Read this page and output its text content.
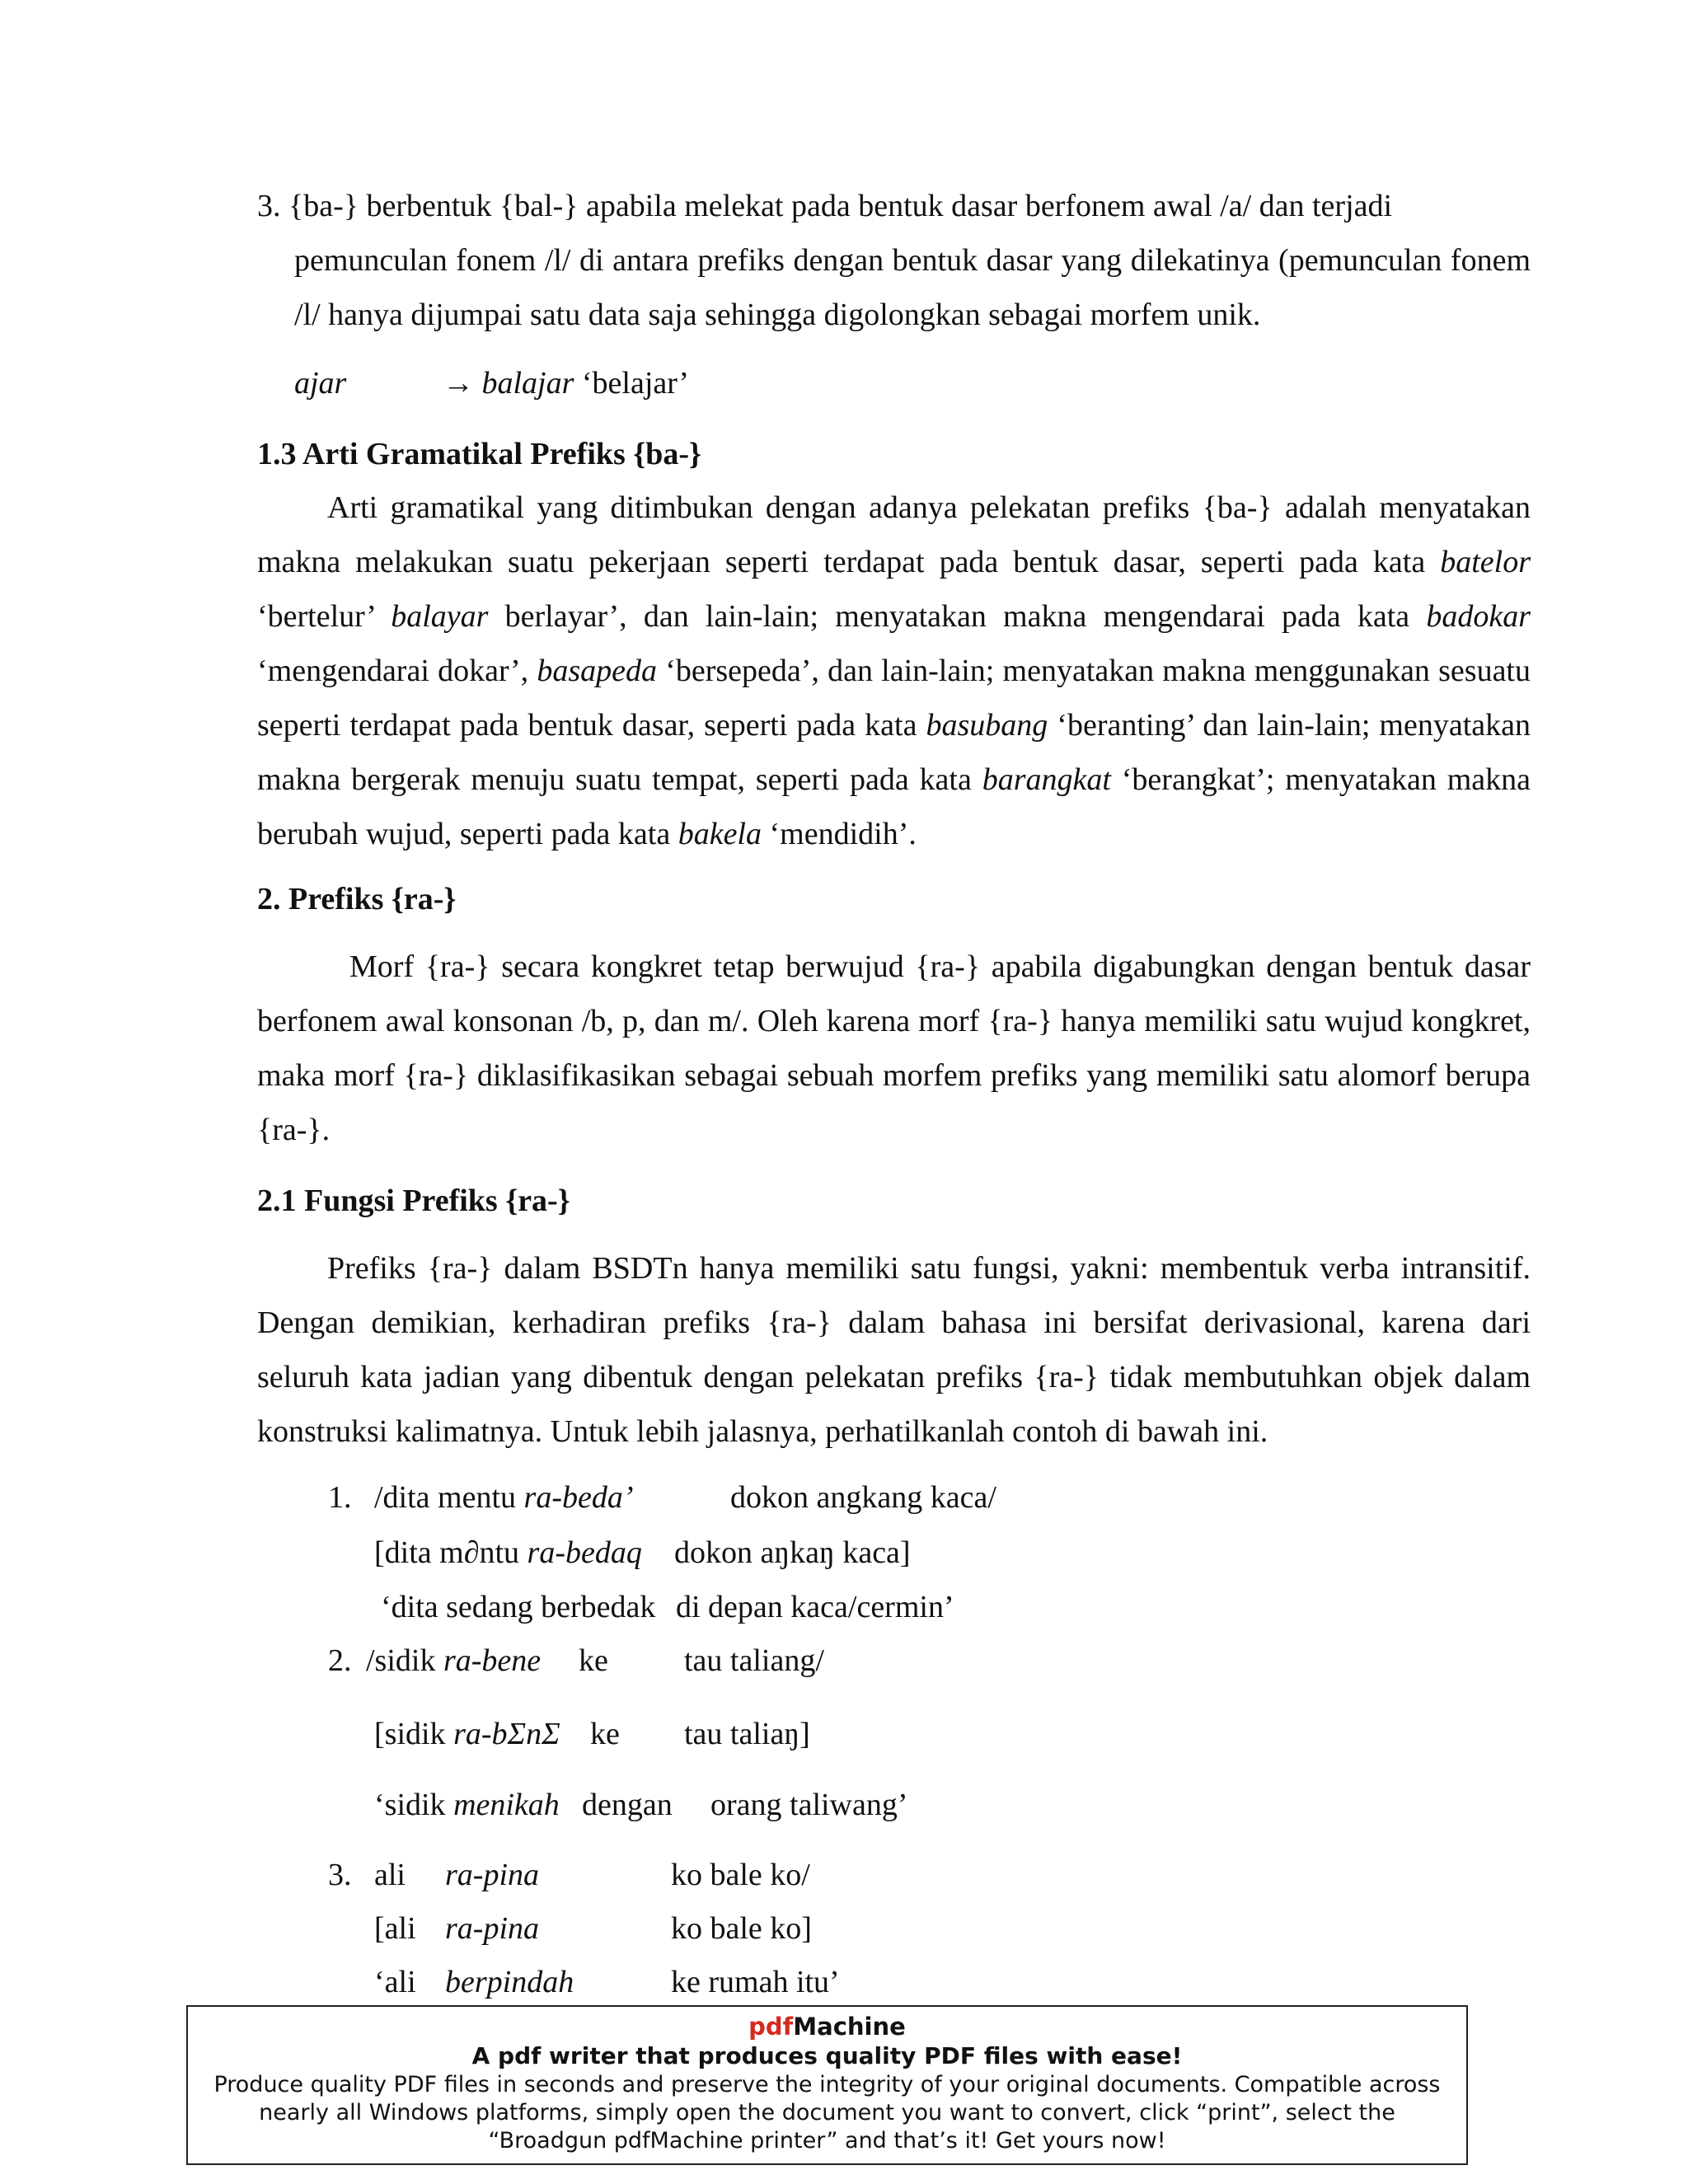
3. {ba-} berbentuk {bal-} apabila melekat pada bentuk dasar berfonem awal /a/ dan terjadi
pemunculan fonem /l/ di antara prefiks dengan bentuk dasar yang dilekatinya (pemunculan fonem /l/ hanya dijumpai satu data saja sehingga digolongkan sebagai morfem unik.
ajar	→ balajar ‘belajar’
1.3 Arti Gramatikal Prefiks {ba-}
Arti gramatikal yang ditimbukan dengan adanya pelekatan prefiks {ba-} adalah menyatakan makna melakukan suatu pekerjaan seperti terdapat pada bentuk dasar, seperti pada kata batelor ‘bertelur’ balayar berlayar’, dan lain-lain; menyatakan makna mengendarai pada kata badokar ‘mengendarai dokar’, basapeda ‘bersepeda’, dan lain-lain; menyatakan makna menggunakan sesuatu seperti terdapat pada bentuk dasar, seperti pada kata basubang ‘beranting’ dan lain-lain; menyatakan makna bergerak menuju suatu tempat, seperti pada kata barangkat ‘berangkat’; menyatakan makna berubah wujud, seperti pada kata bakela ‘mendidih’.
2. Prefiks {ra-}
Morf {ra-} secara kongkret tetap berwujud {ra-} apabila digabungkan dengan bentuk dasar berfonem awal konsonan /b, p, dan m/. Oleh karena morf {ra-} hanya memiliki satu wujud kongkret, maka morf {ra-} diklasifikasikan sebagai sebuah morfem prefiks yang memiliki satu alomorf berupa {ra-}.
2.1 Fungsi Prefiks {ra-}
Prefiks {ra-} dalam BSDTn hanya memiliki satu fungsi, yakni: membentuk verba intransitif. Dengan demikian, kerhadiran prefiks {ra-} dalam bahasa ini bersifat derivasional, karena dari seluruh kata jadian yang dibentuk dengan pelekatan prefiks {ra-} tidak membutuhkan objek dalam konstruksi kalimatnya. Untuk lebih jalasnya, perhatilkanlah contoh di bawah ini.
1. /dita mentu ra-beda’	dokon angkang kaca/
[dita m∂ntu ra-bedaq dokon aŋkaŋ kaca]
‘dita sedang berbedak di depan kaca/cermin’
2. /sidik ra-bene ke tau taliang/
[sidik ra-bΣnΣ ke tau taliaŋ]
‘sidik menikah dengan orang taliwang’
3. ali ra-pina	ko bale ko/
[ali ra-pina	ko bale ko]
‘ali berpindah	ke rumah itu’
pdfMachine
A pdf writer that produces quality PDF files with ease!
Produce quality PDF files in seconds and preserve the integrity of your original documents. Compatible across nearly all Windows platforms, simply open the document you want to convert, click “print”, select the “Broadgun pdfMachine printer” and that’s it! Get yours now!
